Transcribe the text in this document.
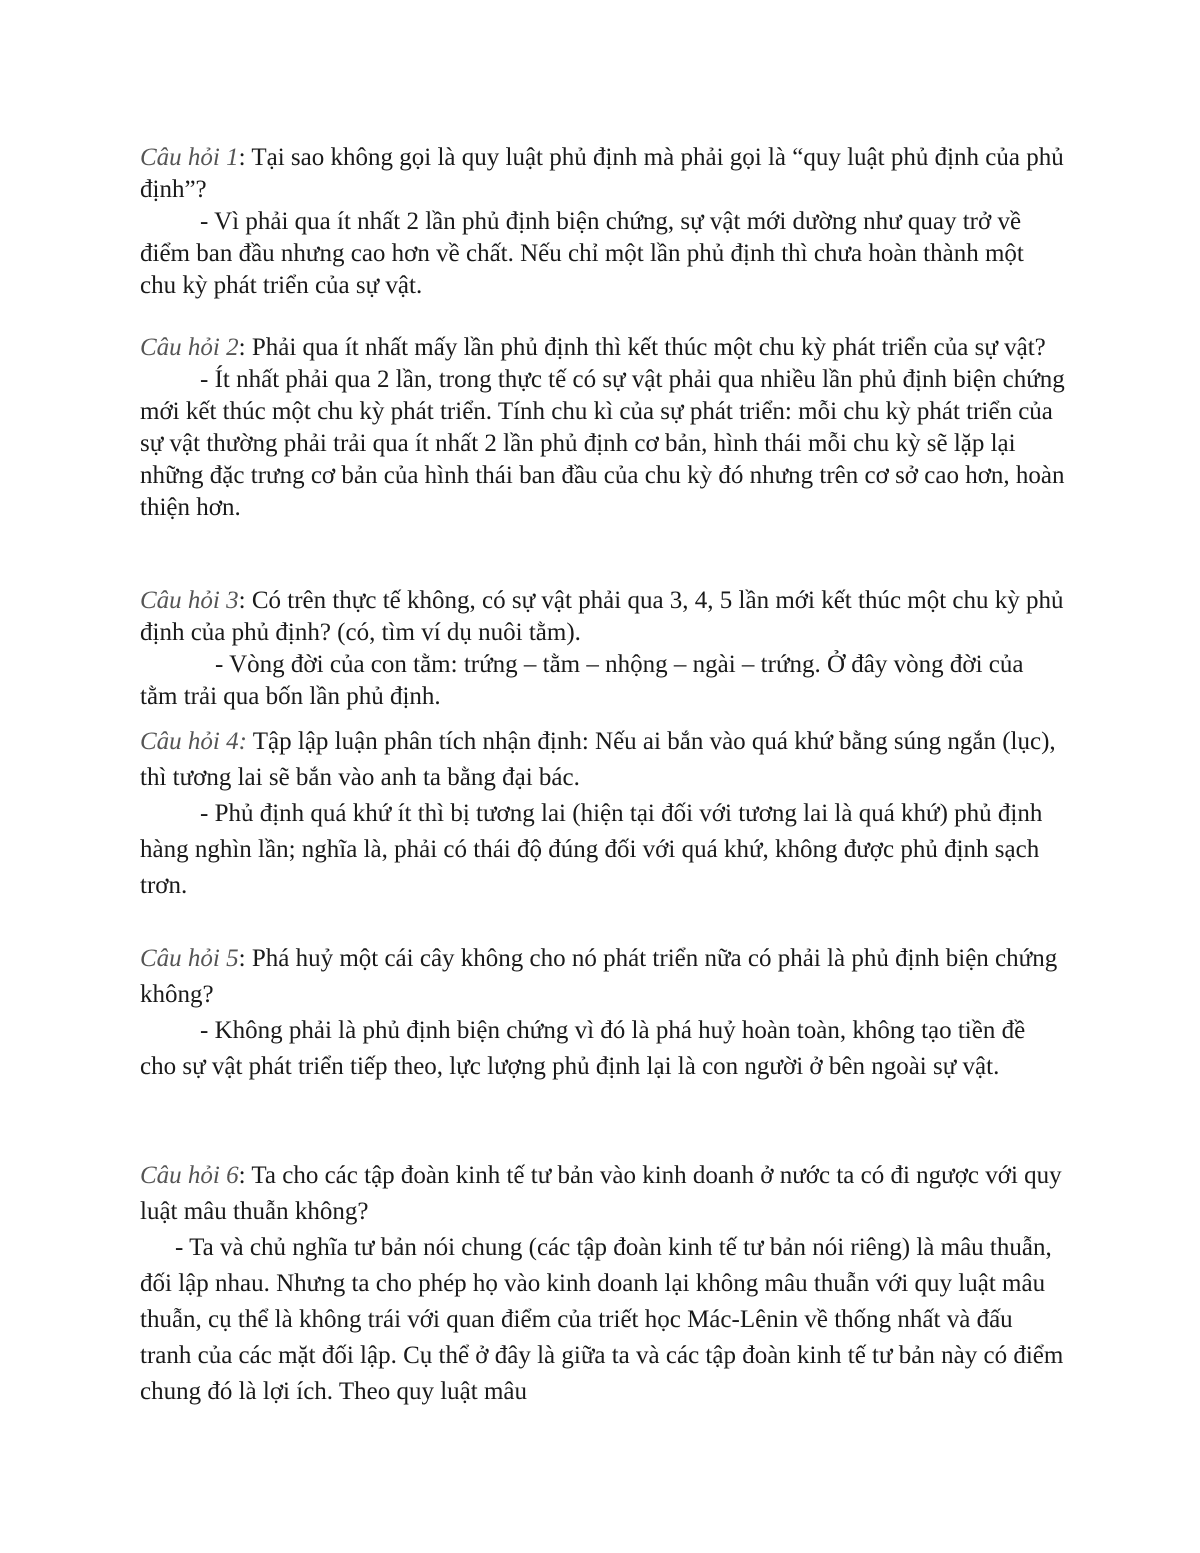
Câu hỏi 1: Tại sao không gọi là quy luật phủ định mà phải gọi là “quy luật phủ định của phủ định”?

- Vì phải qua ít nhất 2 lần phủ định biện chứng, sự vật mới dường như quay trở về điểm ban đầu nhưng cao hơn về chất. Nếu chỉ một lần phủ định thì chưa hoàn thành một chu kỳ phát triển của sự vật.

Câu hỏi 2: Phải qua ít nhất mấy lần phủ định thì kết thúc một chu kỳ phát triển của sự vật?

- Ít nhất phải qua 2 lần, trong thực tế có sự vật phải qua nhiều lần phủ định biện chứng mới kết thúc một chu kỳ phát triển. Tính chu kì của sự phát triển: mỗi chu kỳ phát triển của sự vật thường phải trải qua ít nhất 2 lần phủ định cơ bản, hình thái mỗi chu kỳ sẽ lặp lại những đặc trưng cơ bản của hình thái ban đầu của chu kỳ đó nhưng trên cơ sở cao hơn, hoàn thiện hơn.

Câu hỏi 3: Có trên thực tế không, có sự vật phải qua 3, 4, 5 lần mới kết thúc một chu kỳ phủ định của phủ định? (có, tìm ví dụ nuôi tằm).

- Vòng đời của con tằm: trứng – tằm – nhộng – ngài – trứng. Ở đây vòng đời của tằm trải qua bốn lần phủ định.

Câu hỏi 4: Tập lập luận phân tích nhận định: Nếu ai bắn vào quá khứ bằng súng ngắn (lục), thì tương lai sẽ bắn vào anh ta bằng đại bác.

- Phủ định quá khứ ít thì bị tương lai (hiện tại đối với tương lai là quá khứ) phủ định hàng nghìn lần; nghĩa là, phải có thái độ đúng đối với quá khứ, không được phủ định sạch trơn.

Câu hỏi 5: Phá huỷ một cái cây không cho nó phát triển nữa có phải là phủ định biện chứng không?

- Không phải là phủ định biện chứng vì đó là phá huỷ hoàn toàn, không tạo tiền đề cho sự vật phát triển tiếp theo, lực lượng phủ định lại là con người ở bên ngoài sự vật.

Câu hỏi 6: Ta cho các tập đoàn kinh tế tư bản vào kinh doanh ở nước ta có đi ngược với quy luật mâu thuẫn không?

- Ta và chủ nghĩa tư bản nói chung (các tập đoàn kinh tế tư bản nói riêng) là mâu thuẫn, đối lập nhau. Nhưng ta cho phép họ vào kinh doanh lại không mâu thuẫn với quy luật mâu thuẫn, cụ thể là không trái với quan điểm của triết học Mác-Lênin về thống nhất và đấu tranh của các mặt đối lập. Cụ thể ở đây là giữa ta và các tập đoàn kinh tế tư bản này có điểm chung đó là lợi ích. Theo quy luật mâu
